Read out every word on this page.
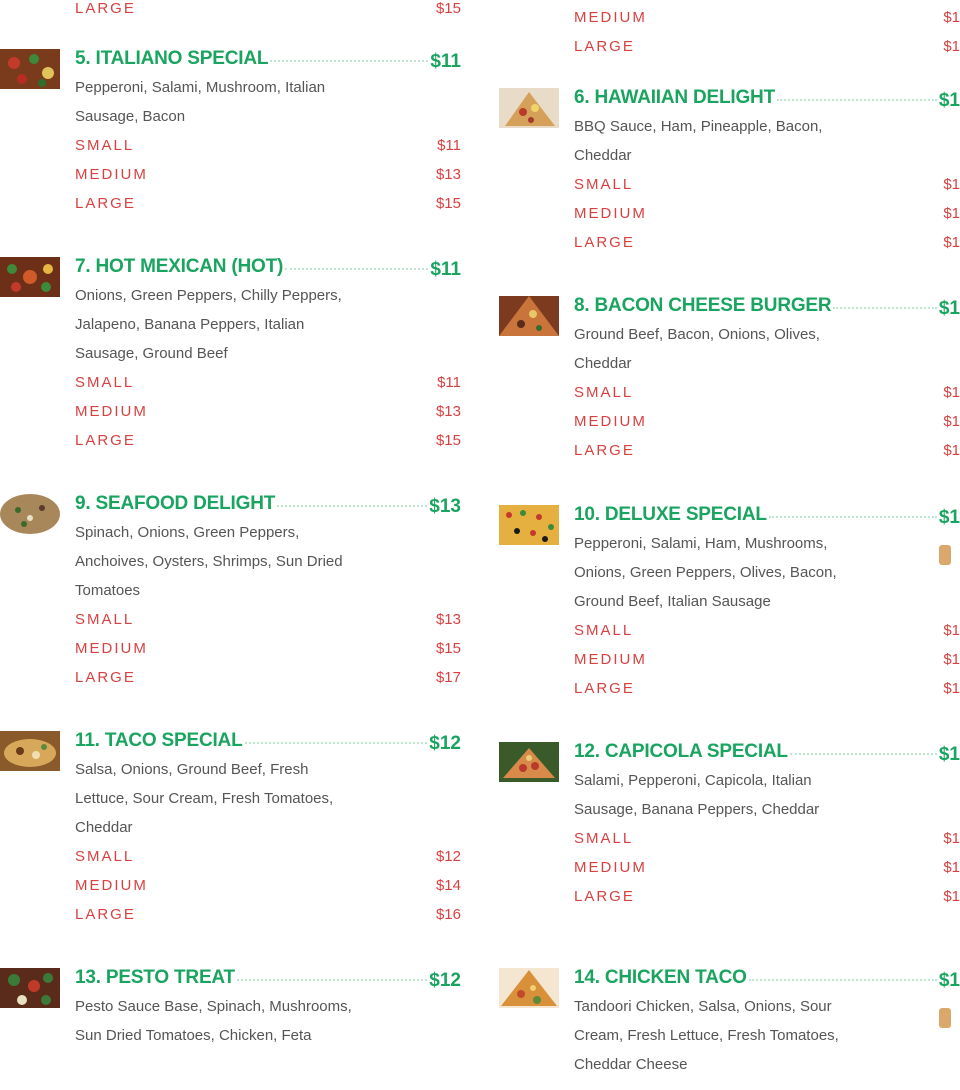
LARGE	$15
MEDIUM	$1
LARGE	$1
5. ITALIANO SPECIAL	$11
Pepperoni, Salami, Mushroom, Italian Sausage, Bacon
SMALL	$11
MEDIUM	$13
LARGE	$15
6. HAWAIIAN DELIGHT	$1
BBQ Sauce, Ham, Pineapple, Bacon, Cheddar
SMALL	$1
MEDIUM	$1
LARGE	$1
7. HOT MEXICAN (HOT)	$11
Onions, Green Peppers, Chilly Peppers, Jalapeno, Banana Peppers, Italian Sausage, Ground Beef
SMALL	$11
MEDIUM	$13
LARGE	$15
8. BACON CHEESE BURGER	$1
Ground Beef, Bacon, Onions, Olives, Cheddar
SMALL	$1
MEDIUM	$1
LARGE	$1
9. SEAFOOD DELIGHT	$13
Spinach, Onions, Green Peppers, Anchoives, Oysters, Shrimps, Sun Dried Tomatoes
SMALL	$13
MEDIUM	$15
LARGE	$17
10. DELUXE SPECIAL	$1
Pepperoni, Salami, Ham, Mushrooms, Onions, Green Peppers, Olives, Bacon, Ground Beef, Italian Sausage
SMALL	$1
MEDIUM	$1
LARGE	$1
11. TACO SPECIAL	$12
Salsa, Onions, Ground Beef, Fresh Lettuce, Sour Cream, Fresh Tomatoes, Cheddar
SMALL	$12
MEDIUM	$14
LARGE	$16
12. CAPICOLA SPECIAL	$1
Salami, Pepperoni, Capicola, Italian Sausage, Banana Peppers, Cheddar
SMALL	$1
MEDIUM	$1
LARGE	$1
13. PESTO TREAT	$12
Pesto Sauce Base, Spinach, Mushrooms, Sun Dried Tomatoes, Chicken, Feta
14. CHICKEN TACO	$1
Tandoori Chicken, Salsa, Onions, Sour Cream, Fresh Lettuce, Fresh Tomatoes, Cheddar Cheese
